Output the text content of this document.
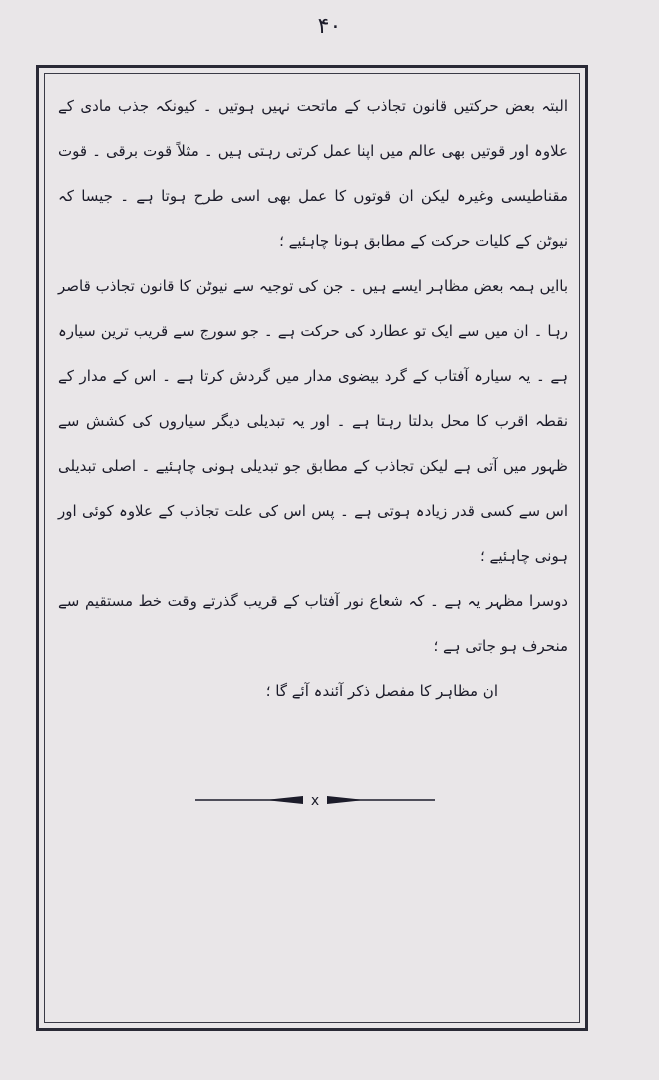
۴۰

البتہ بعض حرکتیں قانون تجاذب کے ماتحت نہیں ہوتیں ۔ کیونکہ جذب مادی کے علاوہ اور قوتیں بھی عالم میں اپنا عمل کرتی رہتی ہیں ۔ مثلاً قوت برقی ۔ قوت مقناطیسی وغیرہ لیکن ان قوتوں کا عمل بھی اسی طرح ہوتا ہے ۔ جیسا کہ نیوٹن کے کلیات حرکت کے مطابق ہونا چاہئیے ؛

باایں ہمہ بعض مظاہر ایسے ہیں ۔ جن کی توجیہ سے نیوٹن کا قانون تجاذب قاصر رہا ۔ ان میں سے ایک تو عطارد کی حرکت ہے ۔ جو سورج سے قریب ترین سیارہ ہے ۔ یہ سیارہ آفتاب کے گرد بیضوی مدار میں گردش کرتا ہے ۔ اس کے مدار کے نقطہ اقرب کا محل بدلتا رہتا ہے ۔ اور یہ تبدیلی دیگر سیاروں کی کشش سے ظہور میں آتی ہے لیکن تجاذب کے مطابق جو تبدیلی ہونی چاہئیے ۔ اصلی تبدیلی اس سے کسی قدر زیادہ ہوتی ہے ۔ پس اس کی علت تجاذب کے علاوہ کوئی اور ہونی چاہئیے ؛

دوسرا مظہر یہ ہے ۔ کہ شعاع نور آفتاب کے قریب گذرتے وقت خط مستقیم سے منحرف ہو جاتی ہے ؛

ان مظاہر کا مفصل ذکر آئندہ آئے گا ؛

x
